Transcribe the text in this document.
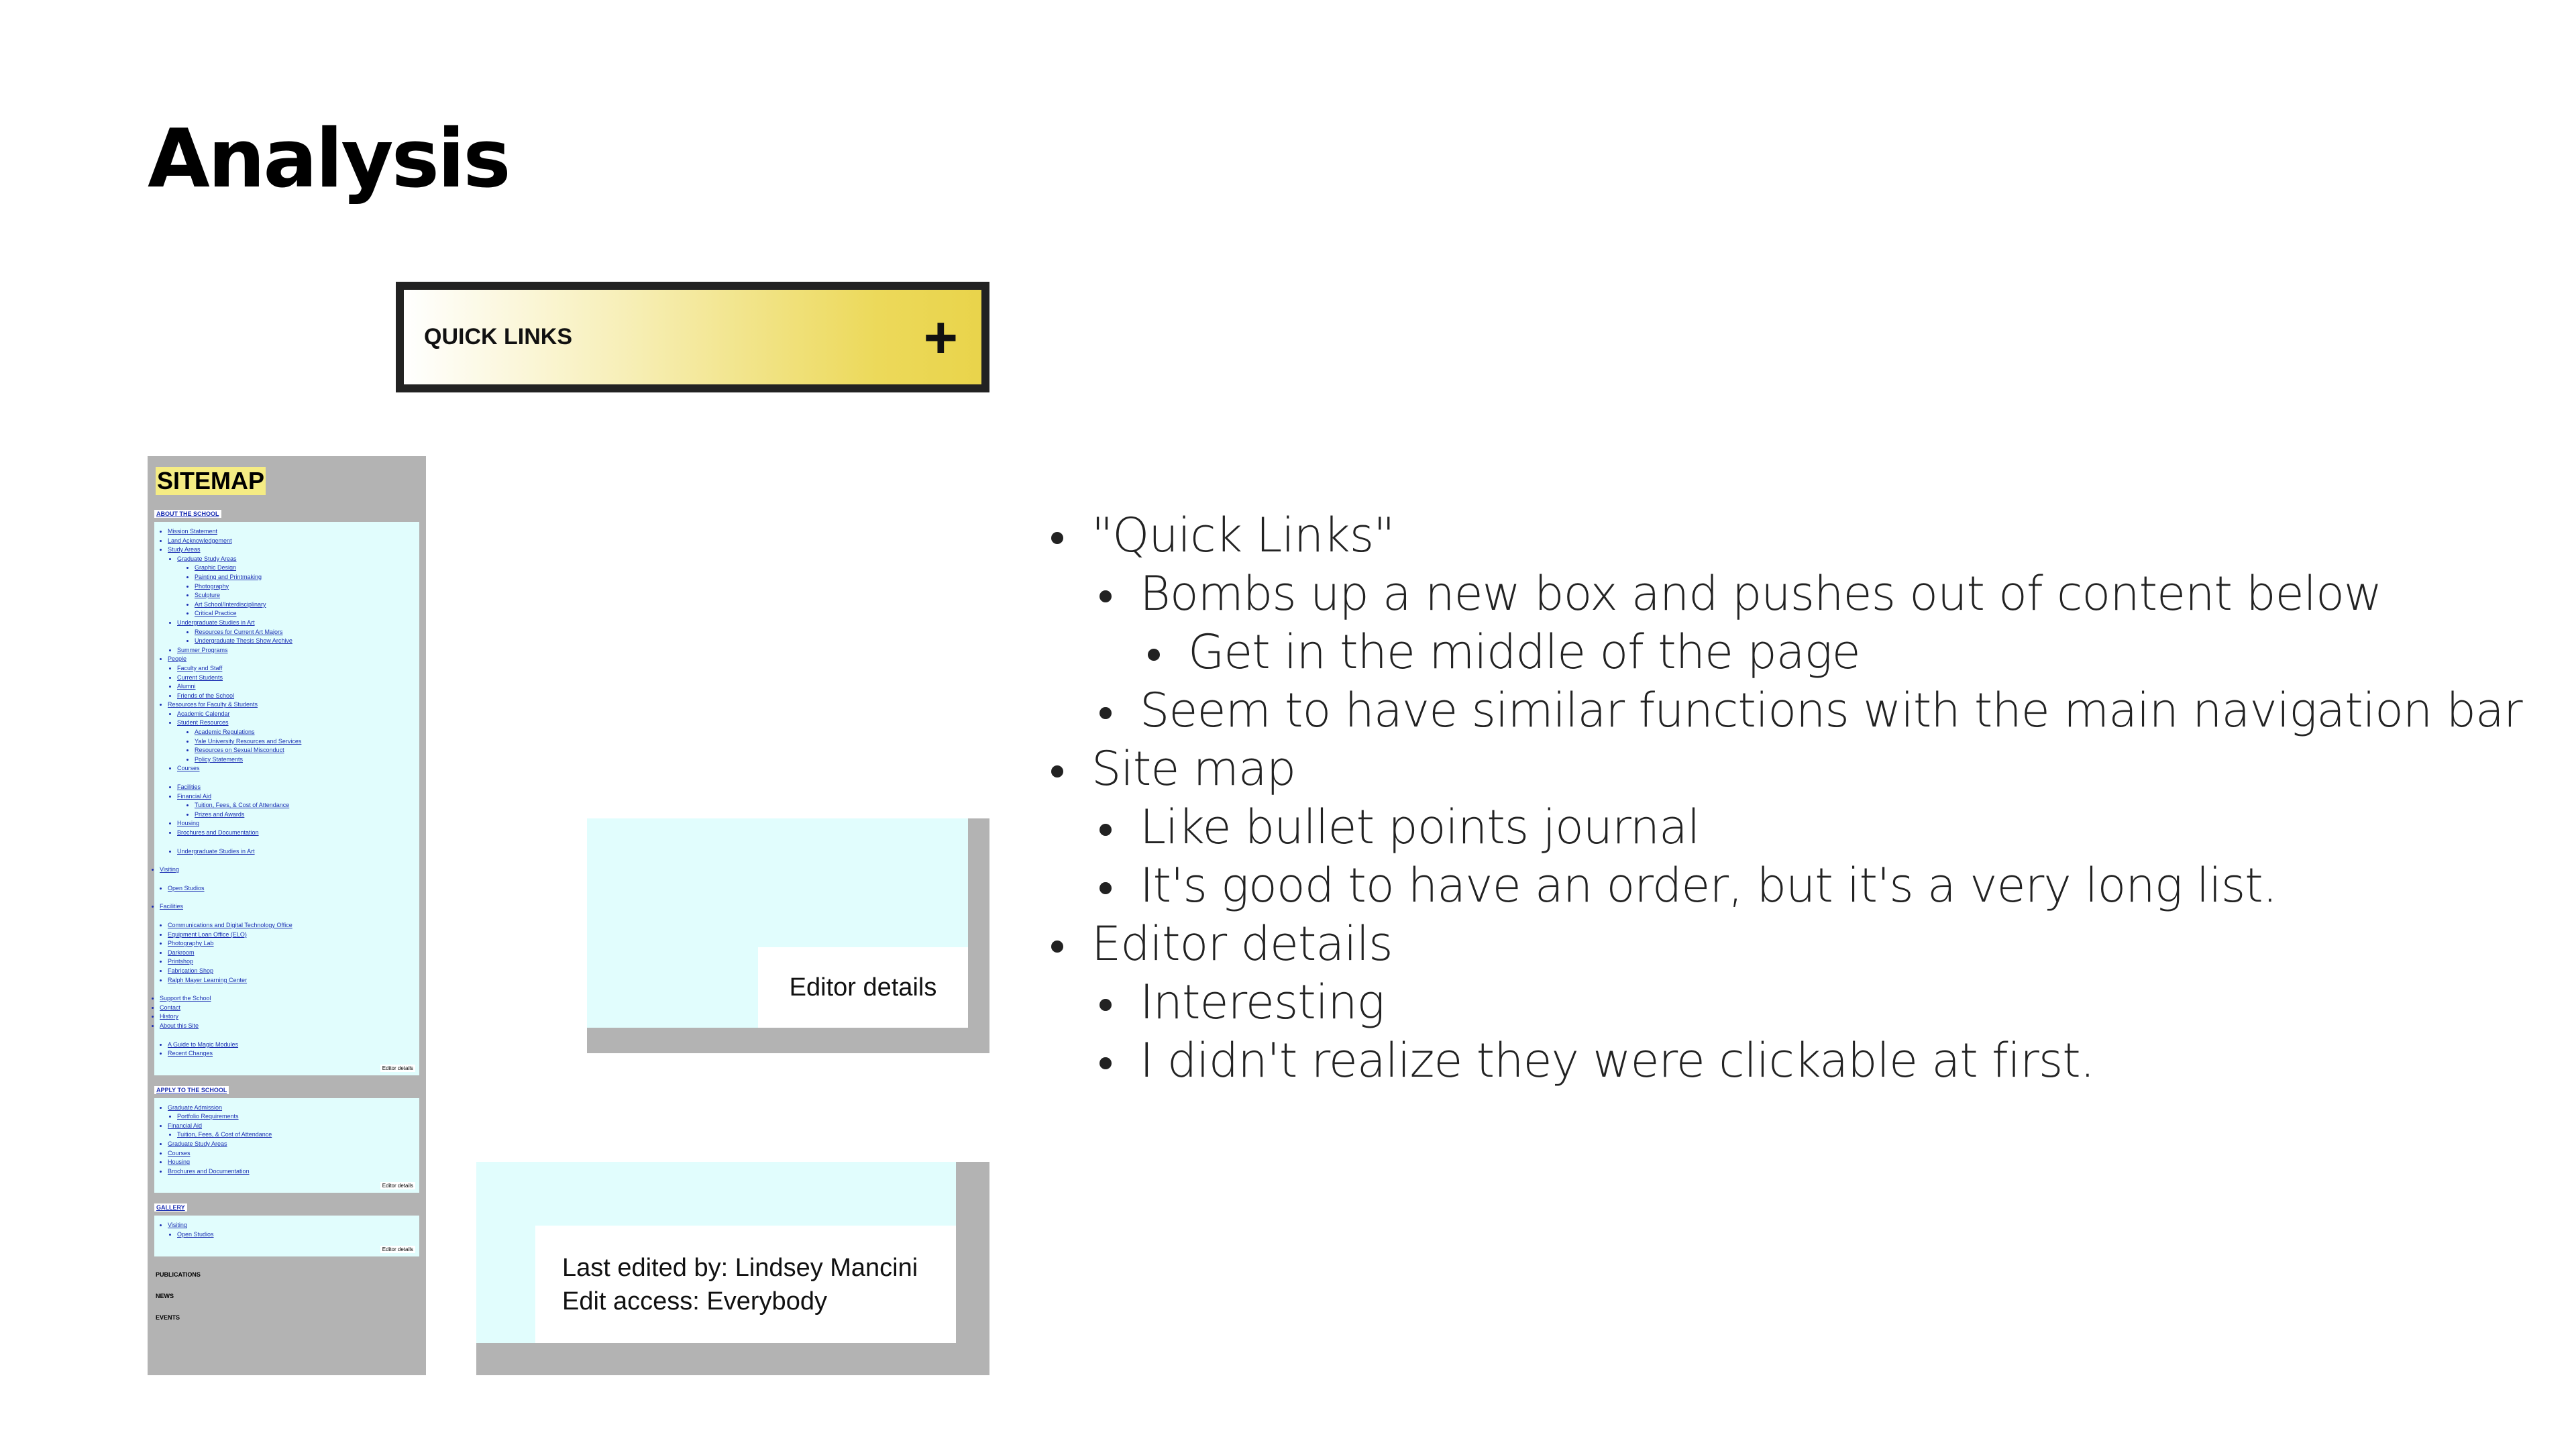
Analysis
QUICK LINKS	+
SITEMAP
ABOUT THE SCHOOL
• Mission Statement
• Land Acknowledgement
• Study Areas
• Graduate Study Areas
• Graphic Design
• Painting and Printmaking
• Photography
• Sculpture
• Art School/Interdisciplinary
• Critical Practice
• Undergraduate Studies in Art
• Resources for Current Art Majors
• Undergraduate Thesis Show Archive
• Summer Programs
• People
• Faculty and Staff
• Current Students
• Alumni
• Friends of the School
• Resources for Faculty & Students
• Academic Calendar
• Student Resources
• Academic Regulations
• Yale University Resources and Services
• Resources on Sexual Misconduct
• Policy Statements
• Courses
• Facilities
• Financial Aid
• Tuition, Fees, & Cost of Attendance
• Prizes and Awards
• Housing
• Brochures and Documentation
• Undergraduate Studies in Art
• Visiting
• Open Studios
• Facilities
• Communications and Digital Technology Office
• Equipment Loan Office (ELO)
• Photography Lab
• Darkroom
• Printshop
• Fabrication Shop
• Ralph Mayer Learning Center
• Support the School
• Contact
• History
• About this Site
• A Guide to Magic Modules
• Recent Changes
Editor details
APPLY TO THE SCHOOL
• Graduate Admission
• Portfolio Requirements
• Financial Aid
• Tuition, Fees, & Cost of Attendance
• Graduate Study Areas
• Courses
• Housing
• Brochures and Documentation
Editor details
GALLERY
• Visiting
• Open Studios
Editor details
PUBLICATIONS
NEWS
EVENTS
Editor details
Last edited by: Lindsey Mancini
Edit access: Everybody
"Quick Links"
Bombs up a new box and pushes out of content below
Get in the middle of the page
Seem to have similar functions with the main navigation bar
Site map
Like bullet points journal
It's good to have an order, but it's a very long list.
Editor details
Interesting
I didn't realize they were clickable at first.
